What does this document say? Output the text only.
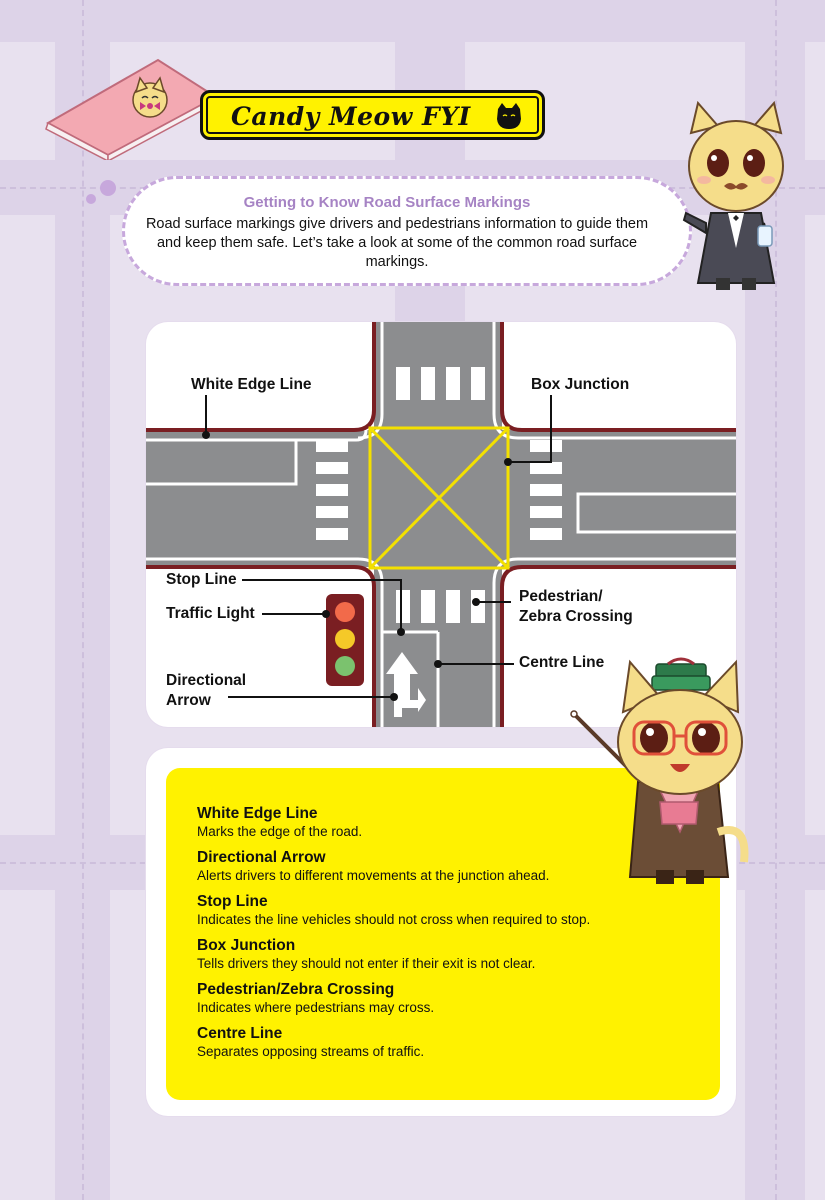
Candy Meow FYI
Getting to Know Road Surface Markings
Road surface markings give drivers and pedestrians information to guide them and keep them safe. Let’s take a look at some of the common road surface markings.
White Edge Line	Box Junction
Stop Line
Traffic Light
Pedestrian/
Zebra Crossing
Centre Line
Directional
Arrow
White Edge Line
Marks the edge of the road.
Directional Arrow
Alerts drivers to different movements at the junction ahead.
Stop Line
Indicates the line vehicles should not cross when required to stop.
Box Junction
Tells drivers they should not enter if their exit is not clear.
Pedestrian/Zebra Crossing
Indicates where pedestrians may cross.
Centre Line
Separates opposing streams of traffic.
